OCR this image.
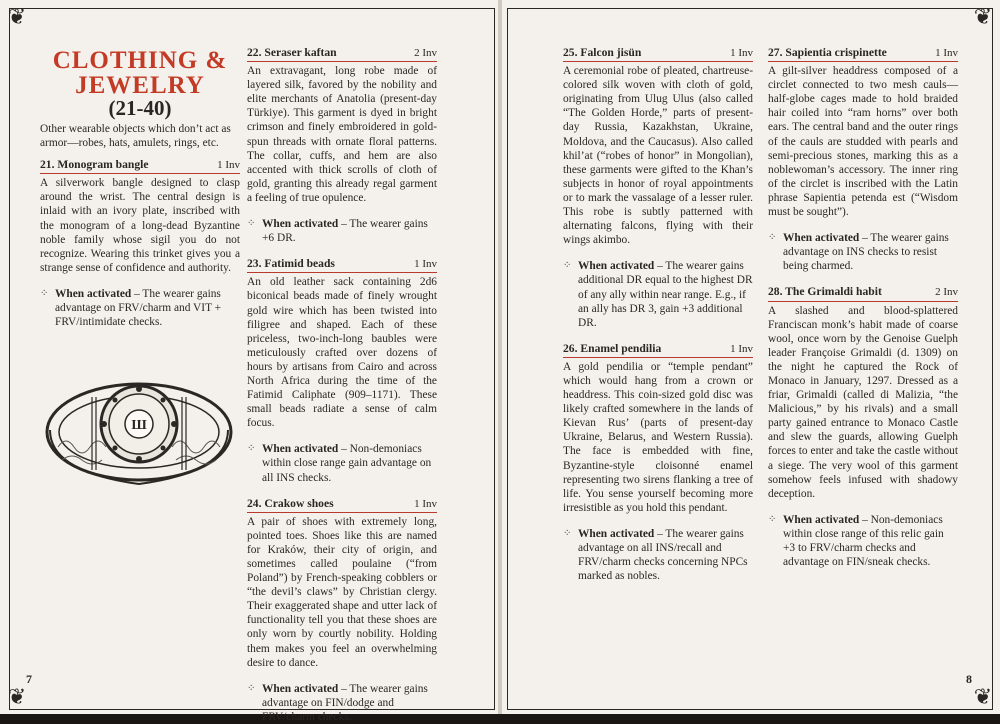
❦
❦
❦
❦
CLOTHING &
JEWELRY
(21-40)

Other wearable objects which don’t act as armor—robes, hats, amulets, rings, etc.

21. Monogram bangle	1 Inv

A silverwork bangle designed to clasp around the wrist. The central design is inlaid with an ivory plate, inscribed with the monogram of a long-dead Byzantine noble family whose sigil you do not recognize. Wearing this trinket gives you a strange sense of confidence and authority.

⁘ When activated – The wearer gains advantage on FRV/charm and VIT + FRV/intimidate checks.
Ш
22. Seraser kaftan	2 Inv

An extravagant, long robe made of layered silk, favored by the nobility and elite merchants of Anatolia (present-day Türkiye). This garment is dyed in bright crimson and finely embroidered in gold-spun threads with ornate floral patterns. The collar, cuffs, and hem are also accented with thick scrolls of cloth of gold, granting this already regal garment a feeling of true opulence.

⁘ When activated – The wearer gains +6 DR.
23. Fatimid beads	1 Inv

An old leather sack containing 2d6 biconical beads made of finely wrought gold wire which has been twisted into filigree and shaped. Each of these priceless, two-inch-long baubles were meticulously crafted over dozens of hours by artisans from Cairo and across North Africa during the time of the Fatimid Caliphate (909–1171). These small beads radiate a sense of calm focus.

⁘ When activated – Non-demoniacs within close range gain advantage on all INS checks.
24. Crakow shoes	1 Inv

A pair of shoes with extremely long, pointed toes. Shoes like this are named for Kraków, their city of origin, and sometimes called poulaine (“from Poland”) by French-speaking cobblers or “the devil’s claws” by Christian clergy. Their exaggerated shape and utter lack of functionality tell you that these shoes are only worn by courtly nobility. Holding them makes you feel an overwhelming desire to dance.

⁘ When activated – The wearer gains advantage on FIN/dodge and FRV/charm checks.
25. Falcon jisün	1 Inv

A ceremonial robe of pleated, chartreuse-colored silk woven with cloth of gold, originating from Ulug Ulus (also called “The Golden Horde,” parts of present-day Russia, Kazakhstan, Ukraine, Moldova, and the Caucasus). Also called khil’at (“robes of honor” in Mongolian), these garments were gifted to the Khan’s subjects in honor of royal appointments or to mark the vassalage of a lesser ruler. This robe is subtly patterned with alternating falcons, flying with their wings akimbo.

⁘ When activated – The wearer gains additional DR equal to the highest DR of any ally within near range. E.g., if an ally has DR 3, gain +3 additional DR.
26. Enamel pendilia	1 Inv

A gold pendilia or “temple pendant” which would hang from a crown or headdress. This coin-sized gold disc was likely crafted somewhere in the lands of Kievan Rus’ (parts of present-day Ukraine, Belarus, and Western Russia). The face is embedded with fine, Byzantine-style cloisonné enamel representing two sirens flanking a tree of life. You sense yourself becoming more irresistible as you hold this pendant.

⁘ When activated – The wearer gains advantage on all INS/recall and FRV/charm checks concerning NPCs marked as nobles.
27. Sapientia crispinette	1 Inv

A gilt-silver headdress composed of a circlet connected to two mesh cauls—half-globe cages made to hold braided hair coiled into “ram horns” over both ears. The central band and the outer rings of the cauls are studded with pearls and semi-precious stones, marking this as a noblewoman’s accessory. The inner ring of the circlet is inscribed with the Latin phrase Sapientia petenda est (“Wisdom must be sought”).

⁘ When activated – The wearer gains advantage on INS checks to resist being charmed.
28. The Grimaldi habit	2 Inv

A slashed and blood-splattered Franciscan monk’s habit made of coarse wool, once worn by the Genoise Guelph leader Françoise Grimaldi (d. 1309) on the night he captured the Rock of Monaco in January, 1297. Dressed as a friar, Grimaldi (called di Malizia, “the Malicious,” by his rivals) and a small party gained entrance to Monaco Castle and slew the guards, allowing Guelph forces to enter and take the castle without a siege. The very wool of this garment somehow feels infused with shadowy deception.

⁘ When activated – Non-demoniacs within close range of this relic gain +3 to FRV/charm checks and advantage on FIN/sneak checks.
7	8
